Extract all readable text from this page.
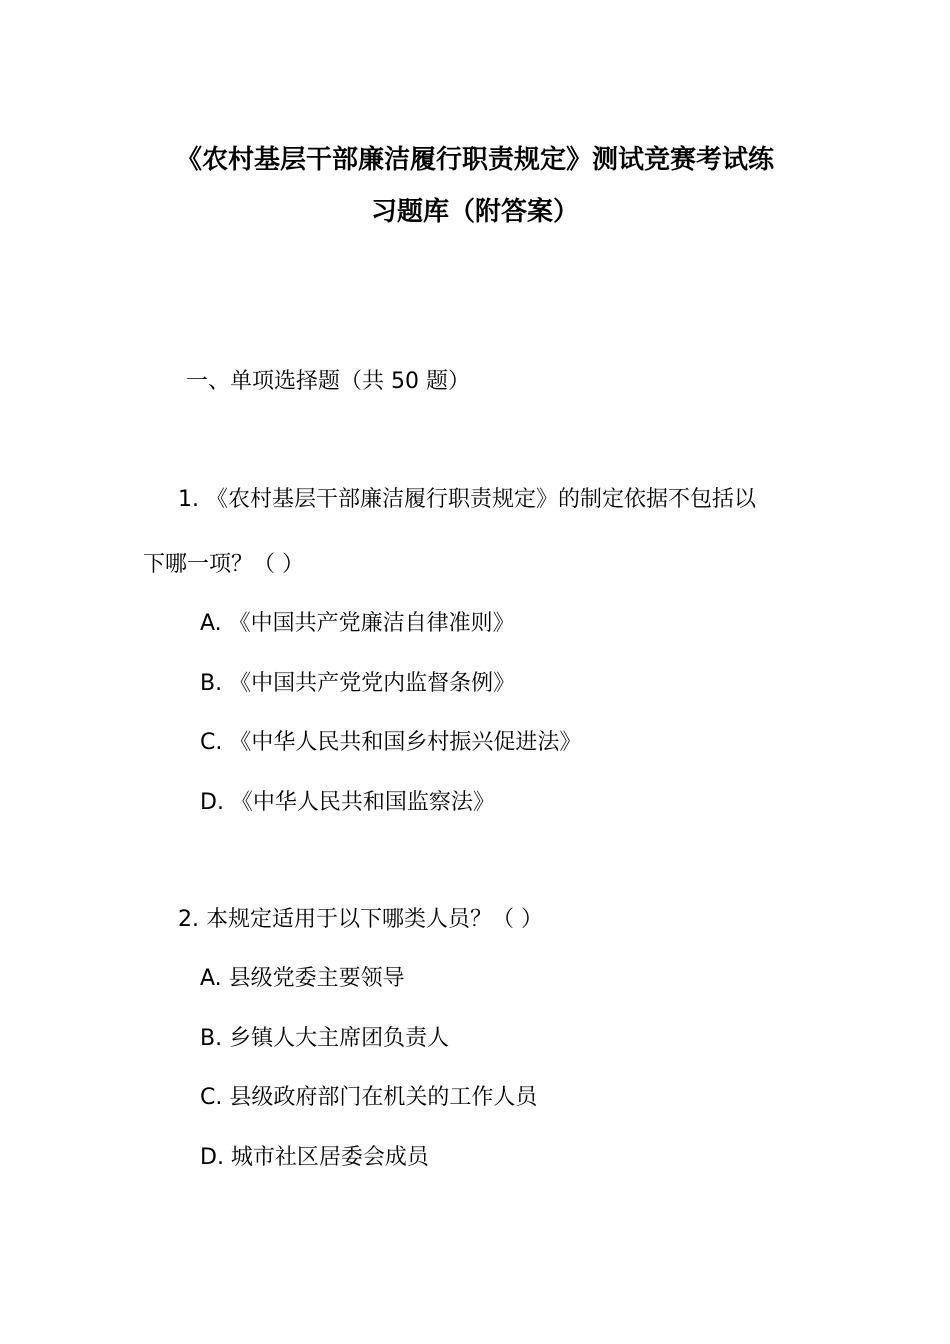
《农村基层干部廉洁履行职责规定》测试竞赛考试练
习题库（附答案）
一、单项选择题（共 50 题）
1. 《农村基层干部廉洁履行职责规定》的制定依据不包括以
下哪一项？（ ）
A. 《中国共产党廉洁自律准则》
B. 《中国共产党党内监督条例》
C. 《中华人民共和国乡村振兴促进法》
D. 《中华人民共和国监察法》
2. 本规定适用于以下哪类人员？（ ）
A. 县级党委主要领导
B. 乡镇人大主席团负责人
C. 县级政府部门在机关的工作人员
D. 城市社区居委会成员
